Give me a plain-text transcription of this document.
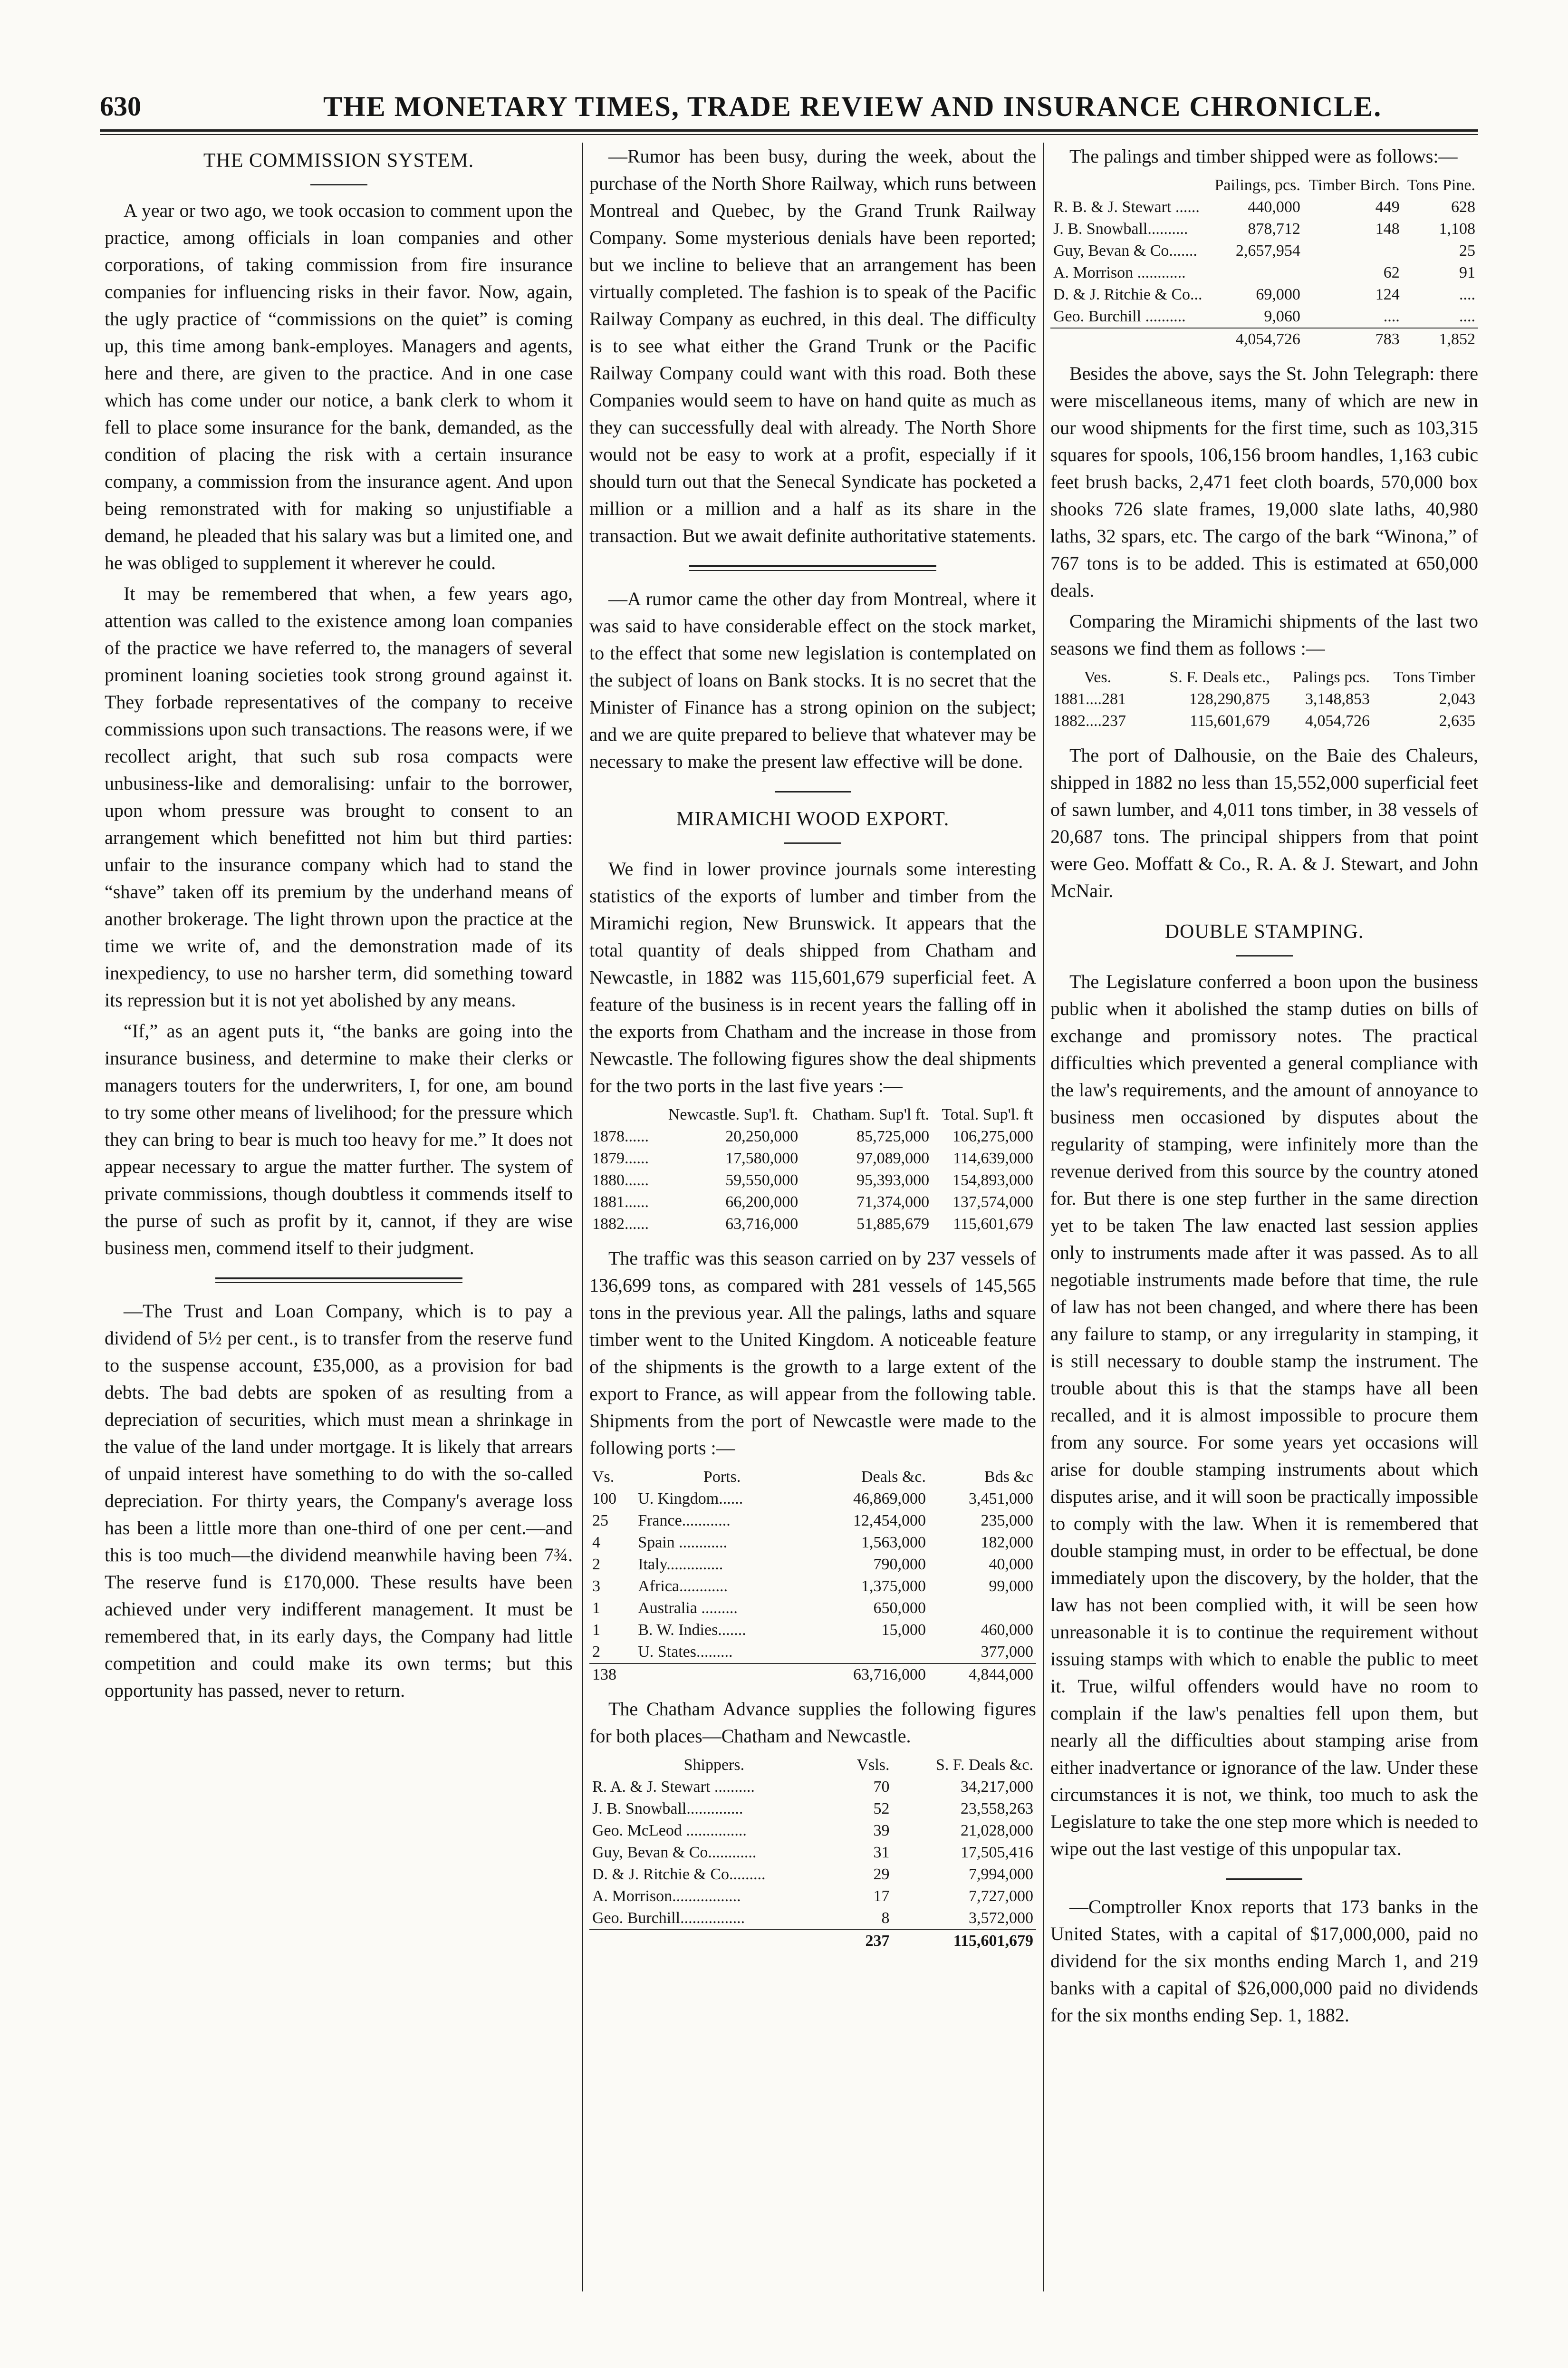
630	THE MONETARY TIMES, TRADE REVIEW AND INSURANCE CHRONICLE.
THE COMMISSION SYSTEM.

A year or two ago, we took occasion to comment upon the practice, among officials in loan companies and other corporations, of taking commission from fire insurance companies for influencing risks in their favor. Now, again, the ugly practice of “commissions on the quiet” is coming up, this time among bank-employes. Managers and agents, here and there, are given to the practice. And in one case which has come under our notice, a bank clerk to whom it fell to place some insurance for the bank, demanded, as the condition of placing the risk with a certain insurance company, a commission from the insurance agent. And upon being remonstrated with for making so unjustifiable a demand, he pleaded that his salary was but a limited one, and he was obliged to supplement it wherever he could.

It may be remembered that when, a few years ago, attention was called to the existence among loan companies of the practice we have referred to, the managers of several prominent loaning societies took strong ground against it. They forbade representatives of the company to receive commissions upon such transactions. The reasons were, if we recollect aright, that such sub rosa compacts were unbusiness-like and demoralising: unfair to the borrower, upon whom pressure was brought to consent to an arrangement which benefitted not him but third parties: unfair to the insurance company which had to stand the “shave” taken off its premium by the underhand means of another brokerage. The light thrown upon the practice at the time we write of, and the demonstration made of its inexpediency, to use no harsher term, did something toward its repression but it is not yet abolished by any means.

“If,” as an agent puts it, “the banks are going into the insurance business, and determine to make their clerks or managers touters for the underwriters, I, for one, am bound to try some other means of livelihood; for the pressure which they can bring to bear is much too heavy for me.” It does not appear necessary to argue the matter further. The system of private commissions, though doubtless it commends itself to the purse of such as profit by it, cannot, if they are wise business men, commend itself to their judgment.

—The Trust and Loan Company, which is to pay a dividend of 5½ per cent., is to transfer from the reserve fund to the suspense account, £35,000, as a provision for bad debts. The bad debts are spoken of as resulting from a depreciation of securities, which must mean a shrinkage in the value of the land under mortgage. It is likely that arrears of unpaid interest have something to do with the so-called depreciation. For thirty years, the Company's average loss has been a little more than one-third of one per cent.—and this is too much—the dividend meanwhile having been 7¾. The reserve fund is £170,000. These results have been achieved under very indifferent management. It must be remembered that, in its early days, the Company had little competition and could make its own terms; but this opportunity has passed, never to return.

—Rumor has been busy, during the week, about the purchase of the North Shore Railway, which runs between Montreal and Quebec, by the Grand Trunk Railway Company. Some mysterious denials have been reported; but we incline to believe that an arrangement has been virtually completed. The fashion is to speak of the Pacific Railway Company as euchred, in this deal. The difficulty is to see what either the Grand Trunk or the Pacific Railway Company could want with this road. Both these Companies would seem to have on hand quite as much as they can successfully deal with already. The North Shore would not be easy to work at a profit, especially if it should turn out that the Senecal Syndicate has pocketed a million or a million and a half as its share in the transaction. But we await definite authoritative statements.

—A rumor came the other day from Montreal, where it was said to have considerable effect on the stock market, to the effect that some new legislation is contemplated on the subject of loans on Bank stocks. It is no secret that the Minister of Finance has a strong opinion on the subject; and we are quite prepared to believe that whatever may be necessary to make the present law effective will be done.

MIRAMICHI WOOD EXPORT.

We find in lower province journals some interesting statistics of the exports of lumber and timber from the Miramichi region, New Brunswick. It appears that the total quantity of deals shipped from Chatham and Newcastle, in 1882 was 115,601,679 superficial feet. A feature of the business is in recent years the falling off in the exports from Chatham and the increase in those from Newcastle. The following figures show the deal shipments for the two ports in the last five years :—

	Newcastle. Sup'l. ft.	Chatham. Sup'l ft.	Total. Sup'l. ft
1878......	20,250,000	85,725,000	106,275,000
1879......	17,580,000	97,089,000	114,639,000
1880......	59,550,000	95,393,000	154,893,000
1881......	66,200,000	71,374,000	137,574,000
1882......	63,716,000	51,885,679	115,601,679

The traffic was this season carried on by 237 vessels of 136,699 tons, as compared with 281 vessels of 145,565 tons in the previous year. All the palings, laths and square timber went to the United Kingdom. A noticeable feature of the shipments is the growth to a large extent of the export to France, as will appear from the following table. Shipments from the port of Newcastle were made to the following ports :—

Vs.	Ports.	Deals &c.	Bds &c
100	U. Kingdom......	46,869,000	3,451,000
25	France............	12,454,000	235,000
4	Spain ............	1,563,000	182,000
2	Italy..............	790,000	40,000
3	Africa............	1,375,000	99,000
1	Australia .........	650,000	
1	B. W. Indies.......	15,000	460,000
2	U. States.........		377,000
138		63,716,000	4,844,000

The Chatham Advance supplies the following figures for both places—Chatham and Newcastle.

Shippers.	Vsls.	S. F. Deals &c.
R. A. & J. Stewart ..........	70	34,217,000
J. B. Snowball..............	52	23,558,263
Geo. McLeod ...............	39	21,028,000
Guy, Bevan & Co............	31	17,505,416
D. & J. Ritchie & Co.........	29	7,994,000
A. Morrison.................	17	7,727,000
Geo. Burchill................	8	3,572,000
	237	115,601,679

The palings and timber shipped were as follows:—

	Pailings, pcs.	Timber Birch.	Tons Pine.
R. B. & J. Stewart ......	440,000	449	628
J. B. Snowball..........	878,712	148	1,108
Guy, Bevan & Co.......	2,657,954		25
A. Morrison ............		62	91
D. & J. Ritchie & Co...	69,000	124	....
Geo. Burchill ..........	9,060	....	....
	4,054,726	783	1,852

Besides the above, says the St. John Telegraph: there were miscellaneous items, many of which are new in our wood shipments for the first time, such as 103,315 squares for spools, 106,156 broom handles, 1,163 cubic feet brush backs, 2,471 feet cloth boards, 570,000 box shooks 726 slate frames, 19,000 slate laths, 40,980 laths, 32 spars, etc. The cargo of the bark “Winona,” of 767 tons is to be added. This is estimated at 650,000 deals.

Comparing the Miramichi shipments of the last two seasons we find them as follows :—

Ves.	S. F. Deals etc.,	Palings pcs.	Tons Timber
1881....281	128,290,875	3,148,853	2,043
1882....237	115,601,679	4,054,726	2,635

The port of Dalhousie, on the Baie des Chaleurs, shipped in 1882 no less than 15,552,000 superficial feet of sawn lumber, and 4,011 tons timber, in 38 vessels of 20,687 tons. The principal shippers from that point were Geo. Moffatt & Co., R. A. & J. Stewart, and John McNair.

DOUBLE STAMPING.

The Legislature conferred a boon upon the business public when it abolished the stamp duties on bills of exchange and promissory notes. The practical difficulties which prevented a general compliance with the law's requirements, and the amount of annoyance to business men occasioned by disputes about the regularity of stamping, were infinitely more than the revenue derived from this source by the country atoned for. But there is one step further in the same direction yet to be taken The law enacted last session applies only to instruments made after it was passed. As to all negotiable instruments made before that time, the rule of law has not been changed, and where there has been any failure to stamp, or any irregularity in stamping, it is still necessary to double stamp the instrument. The trouble about this is that the stamps have all been recalled, and it is almost impossible to procure them from any source. For some years yet occasions will arise for double stamping instruments about which disputes arise, and it will soon be practically impossible to comply with the law. When it is remembered that double stamping must, in order to be effectual, be done immediately upon the discovery, by the holder, that the law has not been complied with, it will be seen how unreasonable it is to continue the requirement without issuing stamps with which to enable the public to meet it. True, wilful offenders would have no room to complain if the law's penalties fell upon them, but nearly all the difficulties about stamping arise from either inadvertance or ignorance of the law. Under these circumstances it is not, we think, too much to ask the Legislature to take the one step more which is needed to wipe out the last vestige of this unpopular tax.

—Comptroller Knox reports that 173 banks in the United States, with a capital of $17,000,000, paid no dividend for the six months ending March 1, and 219 banks with a capital of $26,000,000 paid no dividends for the six months ending Sep. 1, 1882.
